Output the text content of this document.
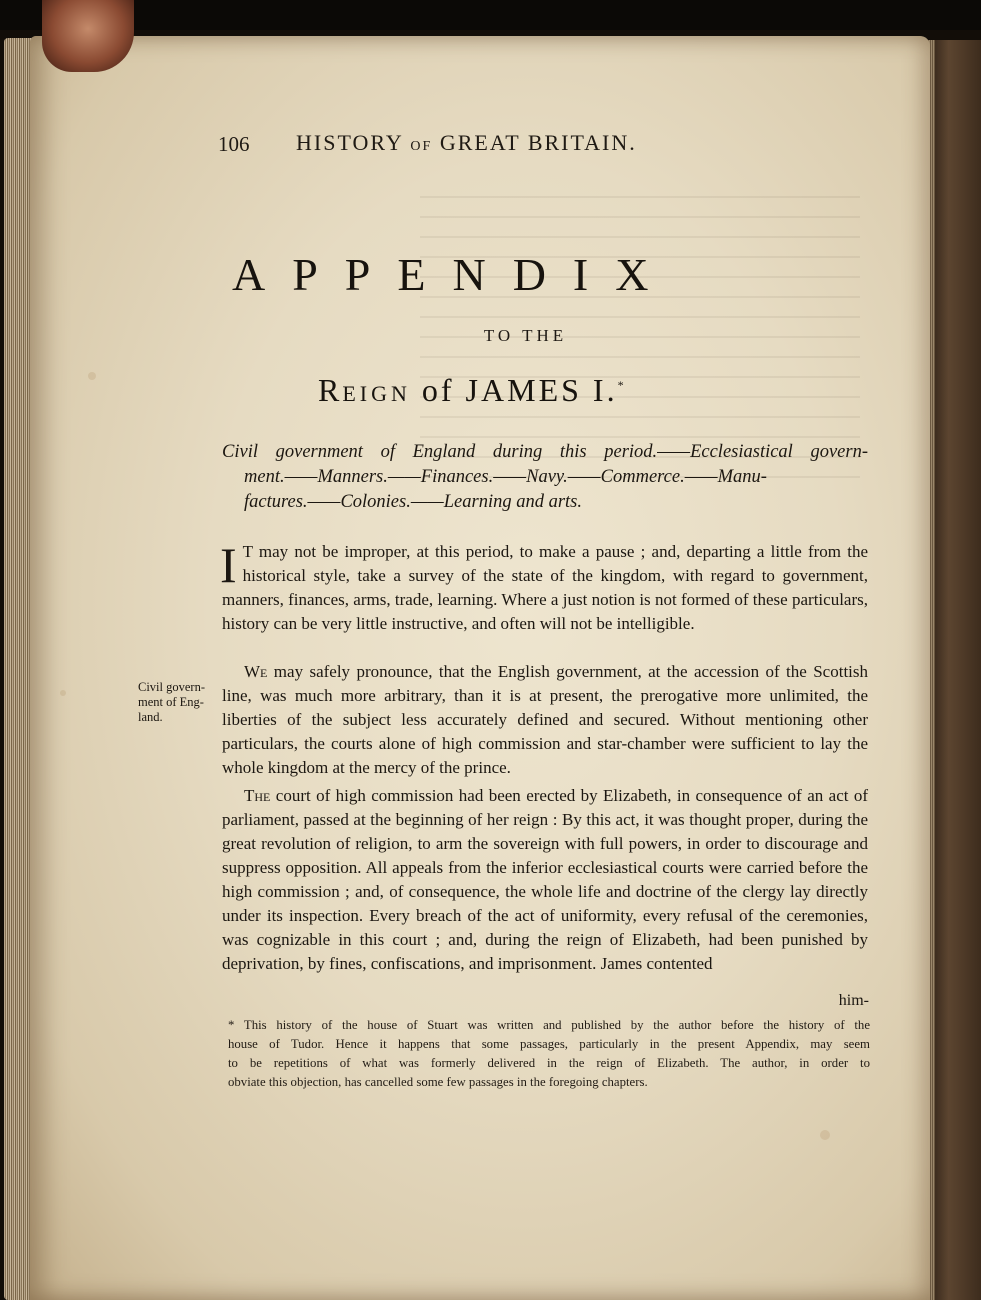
106 HISTORY OF GREAT BRITAIN.
APPENDIX
TO THE
REIGN of JAMES I.*
Civil government of England during this period.——Ecclesiastical govern-
ment.——Manners.——Finances.——Navy.——Commerce.——Manu-
factures.——Colonies.——Learning and arts.

I T may not be improper, at this period, to make a pause ; and, departing a little from the historical style, take a survey of the state of the kingdom, with regard to government, manners, finances, arms, trade, learning. Where a just notion is not formed of these particulars, history can be very little instructive, and often will not be intelligible.

Civil govern-
ment of Eng-
land.

We may safely pronounce, that the English government, at the accession of the Scottish line, was much more arbitrary, than it is at present, the prerogative more unlimited, the liberties of the subject less accurately defined and secured. Without mentioning other particulars, the courts alone of high commission and star-chamber were sufficient to lay the whole kingdom at the mercy of the prince.

The court of high commission had been erected by Elizabeth, in consequence of an act of parliament, passed at the beginning of her reign : By this act, it was thought proper, during the great revolution of religion, to arm the sovereign with full powers, in order to discourage and suppress opposition. All appeals from the inferior ecclesiastical courts were carried before the high commission ; and, of consequence, the whole life and doctrine of the clergy lay directly under its inspection. Every breach of the act of uniformity, every refusal of the ceremonies, was cognizable in this court ; and, during the reign of Elizabeth, had been punished by deprivation, by fines, confiscations, and imprisonment. James contented

him-
* This history of the house of Stuart was written and published by the author before the history of the
house of Tudor. Hence it happens that some passages, particularly in the present Appendix, may seem
to be repetitions of what was formerly delivered in the reign of Elizabeth. The author, in order to
obviate this objection, has cancelled some few passages in the foregoing chapters.
